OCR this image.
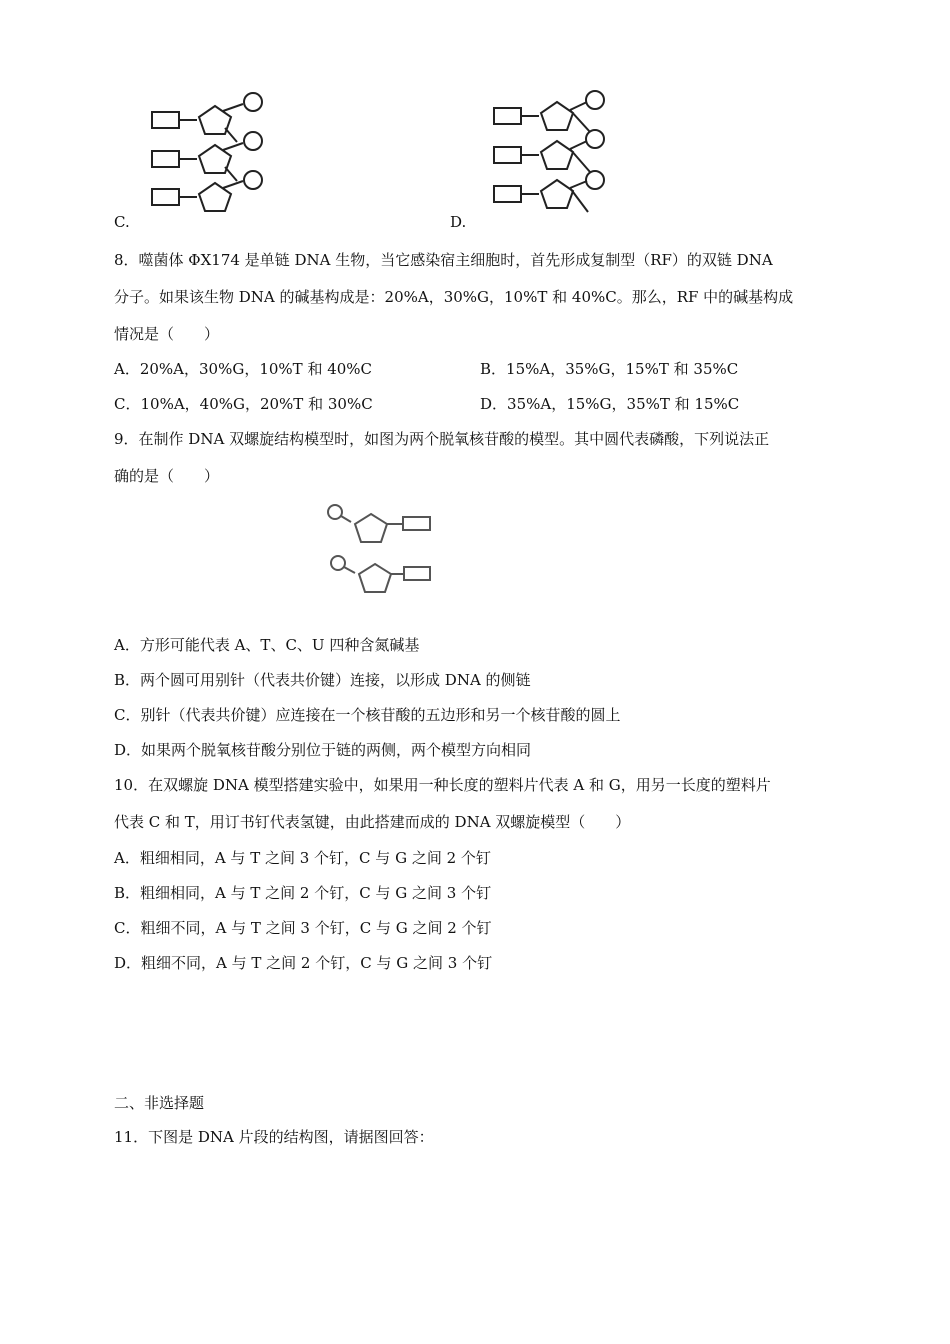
C.	D.
8．噬菌体 ΦX174 是单链 DNA 生物，当它感染宿主细胞时，首先形成复制型（RF）的双链 DNA
分子。如果该生物 DNA 的碱基构成是：20%A，30%G，10%T 和 40%C。那么，RF 中的碱基构成
情况是（　　）
A．20%A，30%G，10%T 和 40%C	B．15%A，35%G，15%T 和 35%C
C．10%A，40%G，20%T 和 30%C	D．35%A，15%G，35%T 和 15%C
9．在制作 DNA 双螺旋结构模型时，如图为两个脱氧核苷酸的模型。其中圆代表磷酸，下列说法正
确的是（　　）
A．方形可能代表 A、T、C、U 四种含氮碱基
B．两个圆可用别针（代表共价键）连接，以形成 DNA 的侧链
C．别针（代表共价键）应连接在一个核苷酸的五边形和另一个核苷酸的圆上
D．如果两个脱氧核苷酸分别位于链的两侧，两个模型方向相同
10．在双螺旋 DNA 模型搭建实验中，如果用一种长度的塑料片代表 A 和 G，用另一长度的塑料片
代表 C 和 T，用订书钉代表氢键，由此搭建而成的 DNA 双螺旋模型（　　）
A．粗细相同，A 与 T 之间 3 个钉，C 与 G 之间 2 个钉
B．粗细相同，A 与 T 之间 2 个钉，C 与 G 之间 3 个钉
C．粗细不同，A 与 T 之间 3 个钉，C 与 G 之间 2 个钉
D．粗细不同，A 与 T 之间 2 个钉，C 与 G 之间 3 个钉
二、非选择题
11．下图是 DNA 片段的结构图，请据图回答：
